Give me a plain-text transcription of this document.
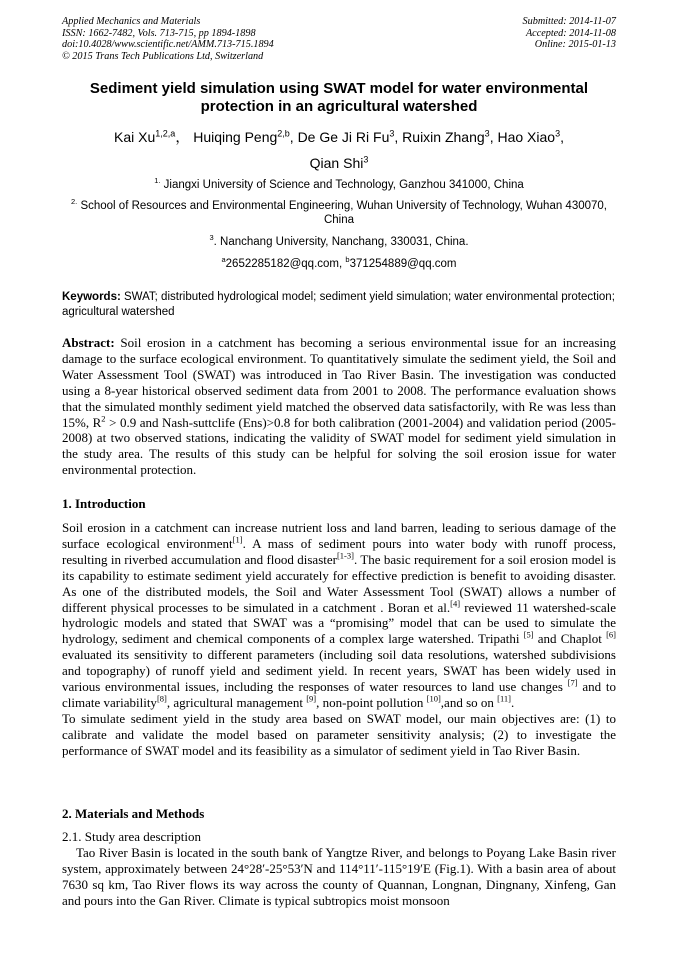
Applied Mechanics and Materials
ISSN: 1662-7482, Vols. 713-715, pp 1894-1898
doi:10.4028/www.scientific.net/AMM.713-715.1894
© 2015 Trans Tech Publications Ltd, Switzerland
Submitted: 2014-11-07
Accepted: 2014-11-08
Online: 2015-01-13
Sediment yield simulation using SWAT model for water environmental
protection in an agricultural watershed
Kai Xu$^{1,2,a}$， Huiqing Peng$^{2,b}$, De Ge Ji Ri Fu$^3$, Ruixin Zhang$^3$, Hao Xiao$^3$,
Qian Shi$^3$
$^{1.}$ Jiangxi University of Science and Technology, Ganzhou 341000, China
$^{2.}$ School of Resources and Environmental Engineering, Wuhan University of Technology, Wuhan 430070, China
$^3$. Nanchang University, Nanchang, 330031, China.
$^a$2652285182@qq.com, $^b$371254889@qq.com
Keywords: SWAT; distributed hydrological model; sediment yield simulation; water environmental protection; agricultural watershed
Abstract: Soil erosion in a catchment has becoming a serious environmental issue for an increasing damage to the surface ecological environment. To quantitatively simulate the sediment yield, the Soil and Water Assessment Tool (SWAT) was introduced in Tao River Basin. The investigation was conducted using a 8-year historical observed sediment data from 2001 to 2008. The performance evaluation shows that the simulated monthly sediment yield matched the observed data satisfactorily, with Re was less than 15%, $R^2 > 0.9$ and Nash-suttclife (Ens)>0.8 for both calibration (2001-2004) and validation period (2005-2008) at two observed stations, indicating the validity of SWAT model for sediment yield simulation in the study area. The results of this study can be helpful for solving the soil erosion issue for water environmental protection.
1. Introduction

Soil erosion in a catchment can increase nutrient loss and land barren, leading to serious damage of the surface ecological environment[1]. A mass of sediment pours into water body with runoff process, resulting in riverbed accumulation and flood disaster[1-3]. The basic requirement for a soil erosion model is its capability to estimate sediment yield accurately for effective prediction is benefit to avoiding disaster. As one of the distributed models, the Soil and Water Assessment Tool (SWAT) allows a number of different physical processes to be simulated in a catchment . Boran et al.[4] reviewed 11 watershed-scale hydrologic models and stated that SWAT was a “promising” model that can be used to simulate the hydrology, sediment and chemical components of a complex large watershed. Tripathi [5] and Chaplot [6] evaluated its sensitivity to different parameters (including soil data resolutions, watershed subdivisions and topography) of runoff yield and sediment yield. In recent years, SWAT has been widely used in various environmental issues, including the responses of water resources to land use changes [7] and to climate variability[8], agricultural management [9], non-point pollution [10],and so on [11].

To simulate sediment yield in the study area based on SWAT model, our main objectives are: (1) to calibrate and validate the model based on parameter sensitivity analysis; (2) to investigate the performance of SWAT model and its feasibility as a simulator of sediment yield in Tao River Basin.

2. Materials and Methods

2.1. Study area description

Tao River Basin is located in the south bank of Yangtze River, and belongs to Poyang Lake Basin river system, approximately between 24°28′-25°53′N and 114°11′-115°19′E (Fig.1). With a basin area of about 7630 sq km, Tao River flows its way across the county of Quannan, Longnan, Dingnany, Xinfeng, Gan and pours into the Gan River. Climate is typical subtropics moist monsoon
